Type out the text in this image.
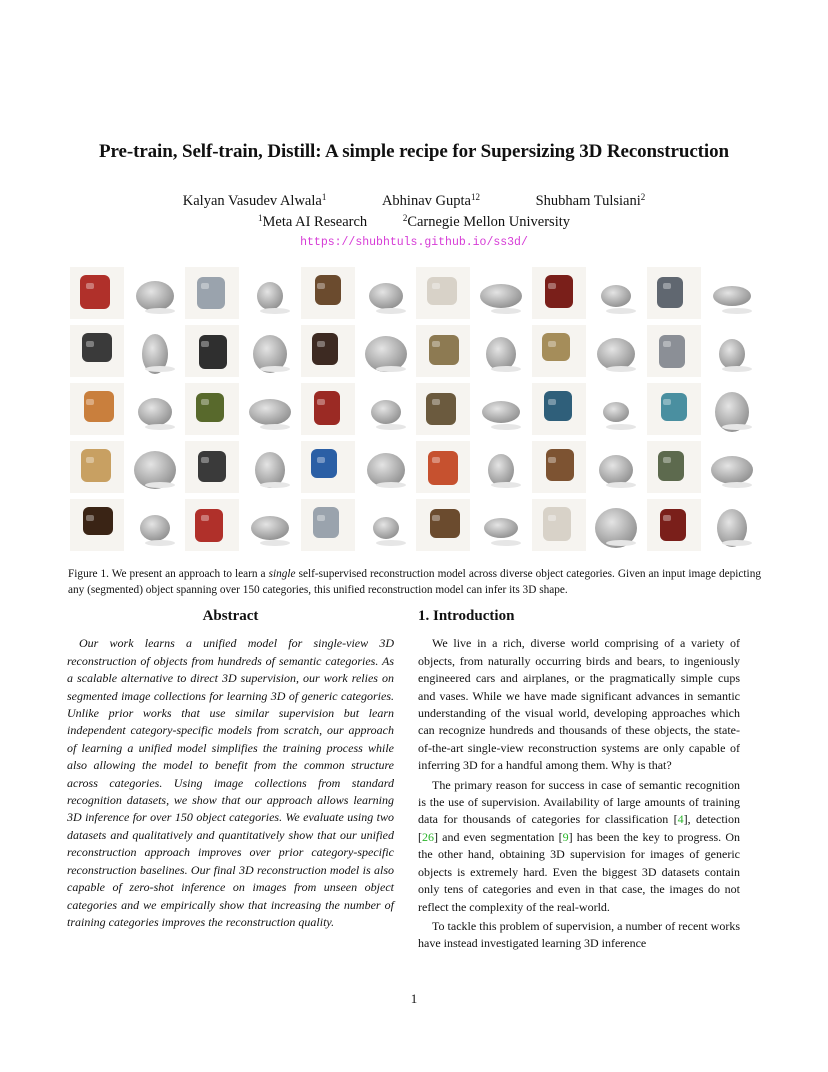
Pre-train, Self-train, Distill: A simple recipe for Supersizing 3D Reconstruction
Kalyan Vasudev Alwala$^1$	Abhinav Gupta$^{12}$	Shubham Tulsiani$^2$
$^1$Meta AI Research	$^2$Carnegie Mellon University
https://shubhtuls.github.io/ss3d/
Figure 1. We present an approach to learn a single self-supervised reconstruction model across diverse object categories. Given an input image depicting any (segmented) object spanning over 150 categories, this unified reconstruction model can infer its 3D shape.
Abstract

Our work learns a unified model for single-view 3D reconstruction of objects from hundreds of semantic categories. As a scalable alternative to direct 3D supervision, our work relies on segmented image collections for learning 3D of generic categories. Unlike prior works that use similar supervision but learn independent category-specific models from scratch, our approach of learning a unified model simplifies the training process while also allowing the model to benefit from the common structure across categories. Using image collections from standard recognition datasets, we show that our approach allows learning 3D inference for over 150 object categories. We evaluate using two datasets and qualitatively and quantitatively show that our unified reconstruction approach improves over prior category-specific reconstruction baselines. Our final 3D reconstruction model is also capable of zero-shot inference on images from unseen object categories and we empirically show that increasing the number of training categories improves the reconstruction quality.

1. Introduction

We live in a rich, diverse world comprising of a variety of objects, from naturally occurring birds and bears, to ingeniously engineered cars and airplanes, or the pragmatically simple cups and vases. While we have made significant advances in semantic understanding of the visual world, developing approaches which can recognize hundreds and thousands of these objects, the state-of-the-art single-view reconstruction systems are only capable of inferring 3D for a handful among them. Why is that?

The primary reason for success in case of semantic recognition is the use of supervision. Availability of large amounts of training data for thousands of categories for classification [4], detection [26] and even segmentation [9] has been the key to progress. On the other hand, obtaining 3D supervision for images of generic objects is extremely hard. Even the biggest 3D datasets contain only tens of categories and even in that case, the images do not reflect the complexity of the real-world.

To tackle this problem of supervision, a number of recent works have instead investigated learning 3D inference

1
